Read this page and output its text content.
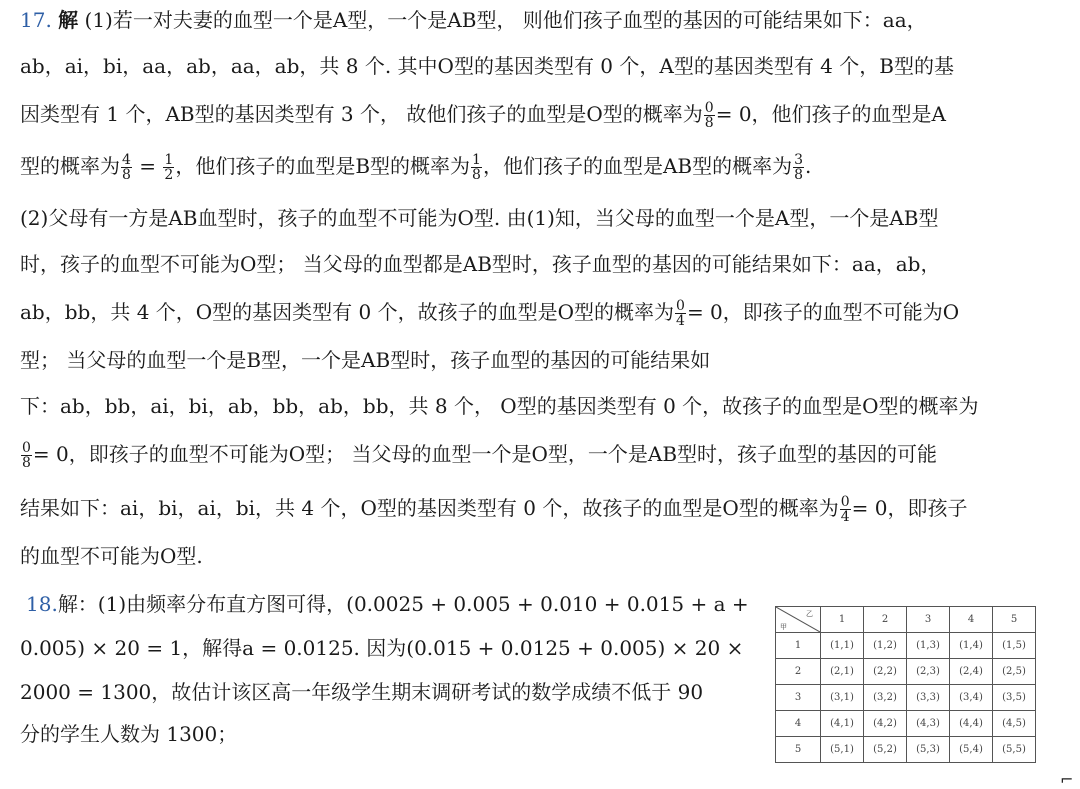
17. 解 (1)若一对夫妻的血型一个是A型，一个是AB型， 则他们孩子血型的基因的可能结果如下：aa，
ab，ai，bi，aa，ab，aa，ab，共 8 个. 其中O型的基因类型有 0 个，A型的基因类型有 4 个，B型的基
因类型有 1 个，AB型的基因类型有 3 个， 故他们孩子的血型是O型的概率为 $\frac{0}{8} = 0$，他们孩子的血型是A
型的概率为 $\frac{4}{8} = \frac{1}{2}$ ，他们孩子的血型是B型的概率为 $\frac{1}{8}$ ，他们孩子的血型是AB型的概率为 $\frac{3}{8}$ .
(2)父母有一方是AB血型时，孩子的血型不可能为O型. 由(1)知，当父母的血型一个是A型，一个是AB型
时，孩子的血型不可能为O型； 当父母的血型都是AB型时，孩子血型的基因的可能结果如下：aa，ab，
ab，bb，共 4 个，O型的基因类型有 0 个，故孩子的血型是O型的概率为 $\frac{0}{4} = 0$，即孩子的血型不可能为O
型； 当父母的血型一个是B型，一个是AB型时，孩子血型的基因的可能结果如
下：ab，bb，ai，bi，ab，bb，ab，bb，共 8 个， O型的基因类型有 0 个，故孩子的血型是O型的概率为
$\frac{0}{8} = 0$，即孩子的血型不可能为O型； 当父母的血型一个是O型，一个是AB型时，孩子血型的基因的可能
结果如下：ai，bi，ai，bi，共 4 个，O型的基因类型有 0 个，故孩子的血型是O型的概率为 $\frac{0}{4} = 0$，即孩子
的血型不可能为O型.
18.解：(1)由频率分布直方图可得，(0.0025 + 0.005 + 0.010 + 0.015 + a +
0.005) × 20 = 1，解得a = 0.0125. 因为(0.015 + 0.0125 + 0.005) × 20 ×
2000 = 1300，故估计该区高一年级学生期末调研考试的数学成绩不低于 90
分的学生人数为 1300；
⌐
乙
甲	1	2	3	4	5
1	(1,1)	(1,2)	(1,3)	(1,4)	(1,5)
2	(2,1)	(2,2)	(2,3)	(2,4)	(2,5)
3	(3,1)	(3,2)	(3,3)	(3,4)	(3,5)
4	(4,1)	(4,2)	(4,3)	(4,4)	(4,5)
5	(5,1)	(5,2)	(5,3)	(5,4)	(5,5)
